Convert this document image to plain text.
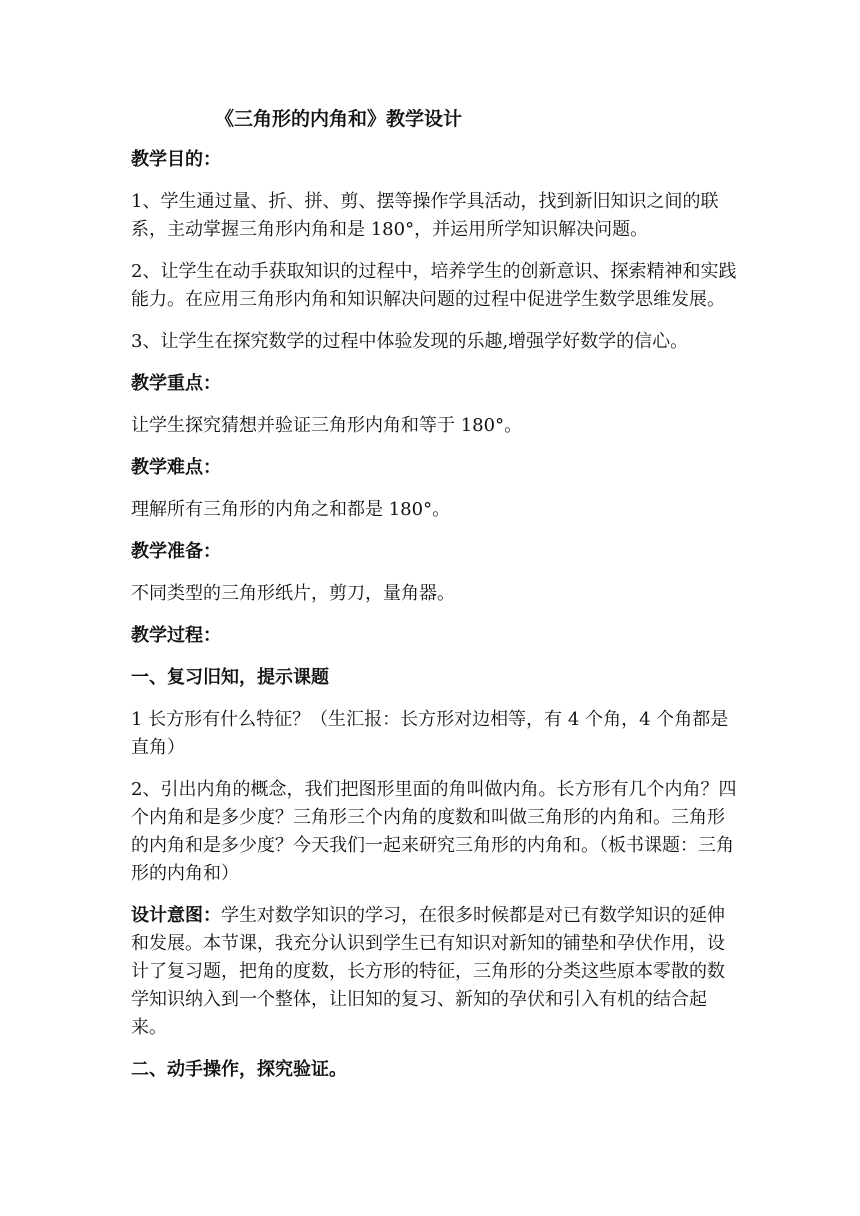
《三角形的内角和》教学设计

教学目的：

1、学生通过量、折、拼、剪、摆等操作学具活动，找到新旧知识之间的联系，主动掌握三角形内角和是 180°，并运用所学知识解决问题。

2、让学生在动手获取知识的过程中，培养学生的创新意识、探索精神和实践能力。在应用三角形内角和知识解决问题的过程中促进学生数学思维发展。

3、让学生在探究数学的过程中体验发现的乐趣,增强学好数学的信心。

教学重点：

让学生探究猜想并验证三角形内角和等于 180°。

教学难点：

理解所有三角形的内角之和都是 180°。

教学准备：

不同类型的三角形纸片，剪刀，量角器。

教学过程：

一、复习旧知，提示课题

1 长方形有什么特征？（生汇报：长方形对边相等，有 4 个角，4 个角都是直角）

2、引出内角的概念，我们把图形里面的角叫做内角。长方形有几个内角？四个内角和是多少度？三角形三个内角的度数和叫做三角形的内角和。三角形的内角和是多少度？今天我们一起来研究三角形的内角和。（板书课题：三角形的内角和）

设计意图：学生对数学知识的学习，在很多时候都是对已有数学知识的延伸和发展。本节课，我充分认识到学生已有知识对新知的铺垫和孕伏作用，设计了复习题，把角的度数，长方形的特征，三角形的分类这些原本零散的数学知识纳入到一个整体，让旧知的复习、新知的孕伏和引入有机的结合起来。

二、动手操作，探究验证。
